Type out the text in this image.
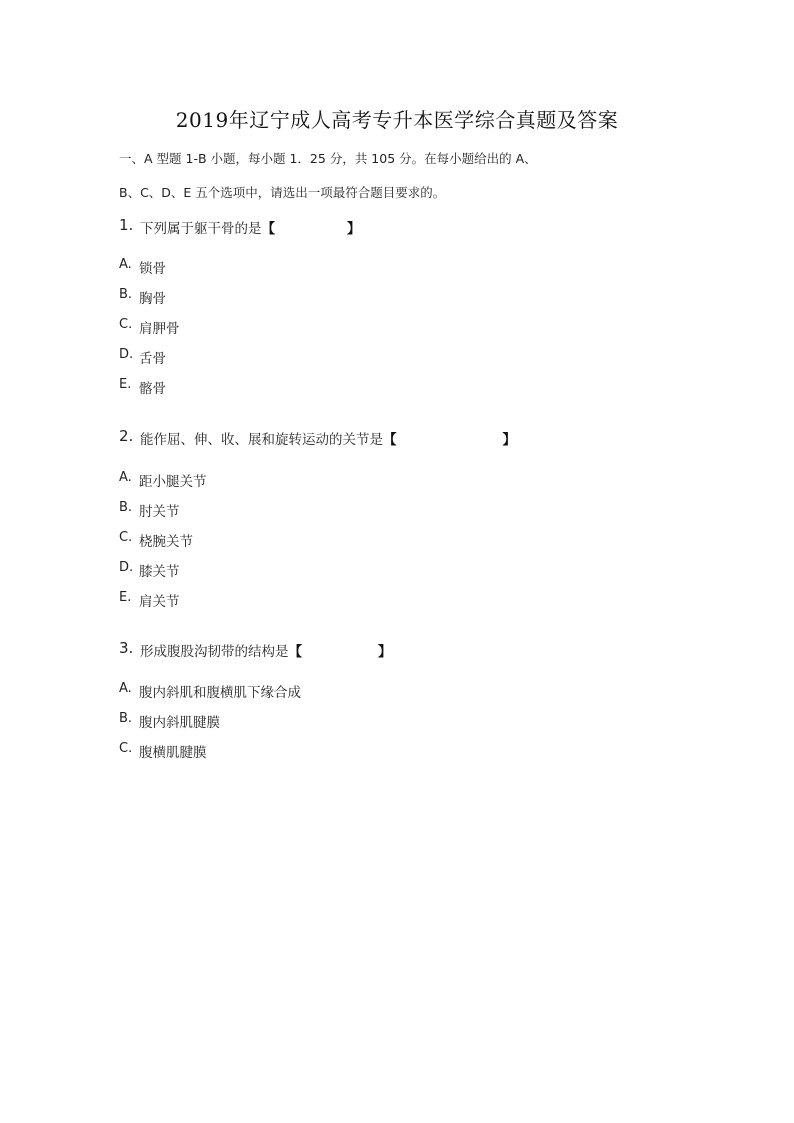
2019年辽宁成人高考专升本医学综合真题及答案
一、A 型题 1-B 小题，每小题 1．25 分，共 105 分。在每小题给出的 A、
B、C、D、E 五个选项中，请选出一项最符合题目要求的。
1. 下列属于躯干骨的是 【	】
A. 锁骨
B. 胸骨
C. 肩胛骨
D. 舌骨
E. 髂骨
2. 能作屈、伸、收、展和旋转运动的关节是 【	】
A. 距小腿关节
B. 肘关节
C. 桡腕关节
D. 膝关节
E. 肩关节
3. 形成腹股沟韧带的结构是 【	】
A. 腹内斜肌和腹横肌下缘合成
B. 腹内斜肌腱膜
C. 腹横肌腱膜
